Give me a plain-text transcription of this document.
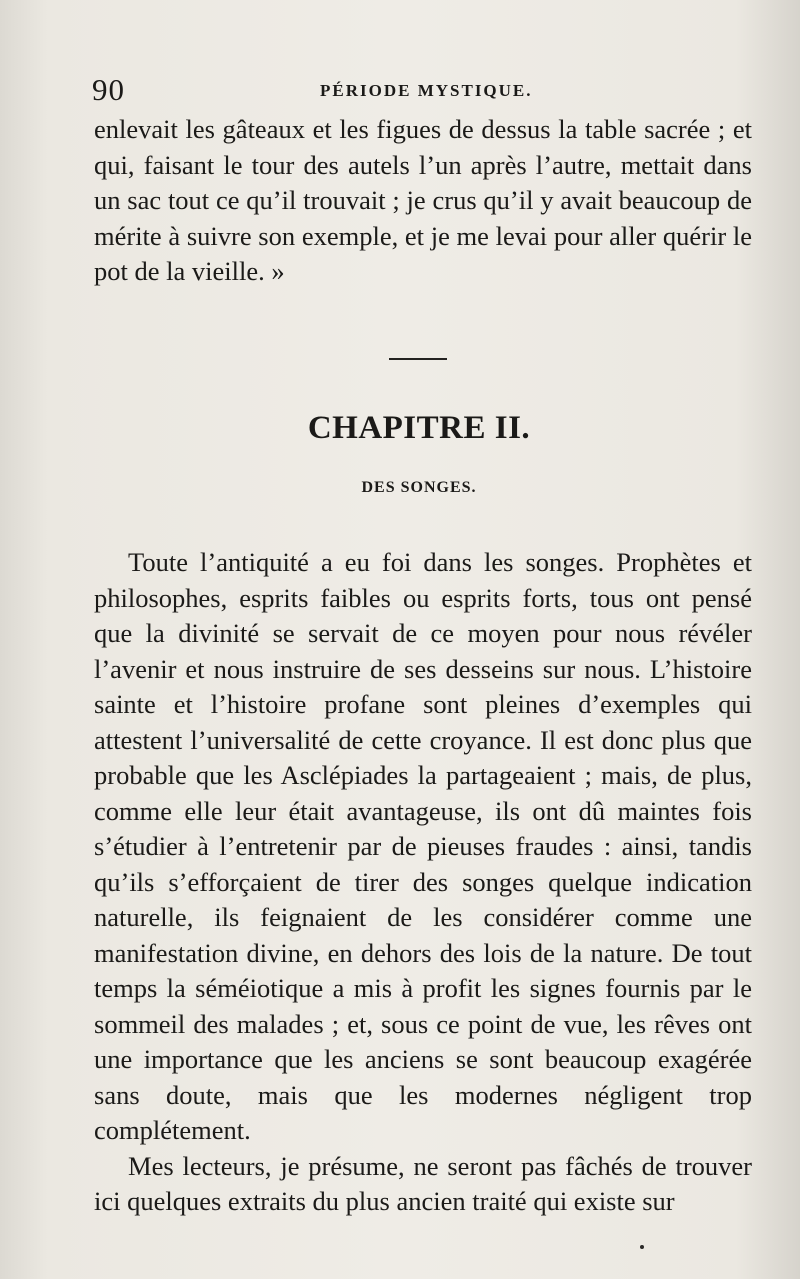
90	PÉRIODE MYSTIQUE.

enlevait les gâteaux et les figues de dessus la table sacrée ; et qui, faisant le tour des autels l’un après l’autre, mettait dans un sac tout ce qu’il trouvait ; je crus qu’il y avait beaucoup de mérite à suivre son exemple, et je me levai pour aller quérir le pot de la vieille. »

CHAPITRE II.
DES SONGES.

Toute l’antiquité a eu foi dans les songes. Prophètes et philosophes, esprits faibles ou esprits forts, tous ont pensé que la divinité se servait de ce moyen pour nous révéler l’avenir et nous instruire de ses desseins sur nous. L’histoire sainte et l’histoire profane sont pleines d’exemples qui attestent l’universalité de cette croyance. Il est donc plus que probable que les Asclépiades la partageaient ; mais, de plus, comme elle leur était avantageuse, ils ont dû maintes fois s’étudier à l’entretenir par de pieuses fraudes : ainsi, tandis qu’ils s’efforçaient de tirer des songes quelque indication naturelle, ils feignaient de les considérer comme une manifestation divine, en dehors des lois de la nature. De tout temps la séméiotique a mis à profit les signes fournis par le sommeil des malades ; et, sous ce point de vue, les rêves ont une importance que les anciens se sont beaucoup exagérée sans doute, mais que les modernes négligent trop complétement.

Mes lecteurs, je présume, ne seront pas fâchés de trouver ici quelques extraits du plus ancien traité qui existe sur
